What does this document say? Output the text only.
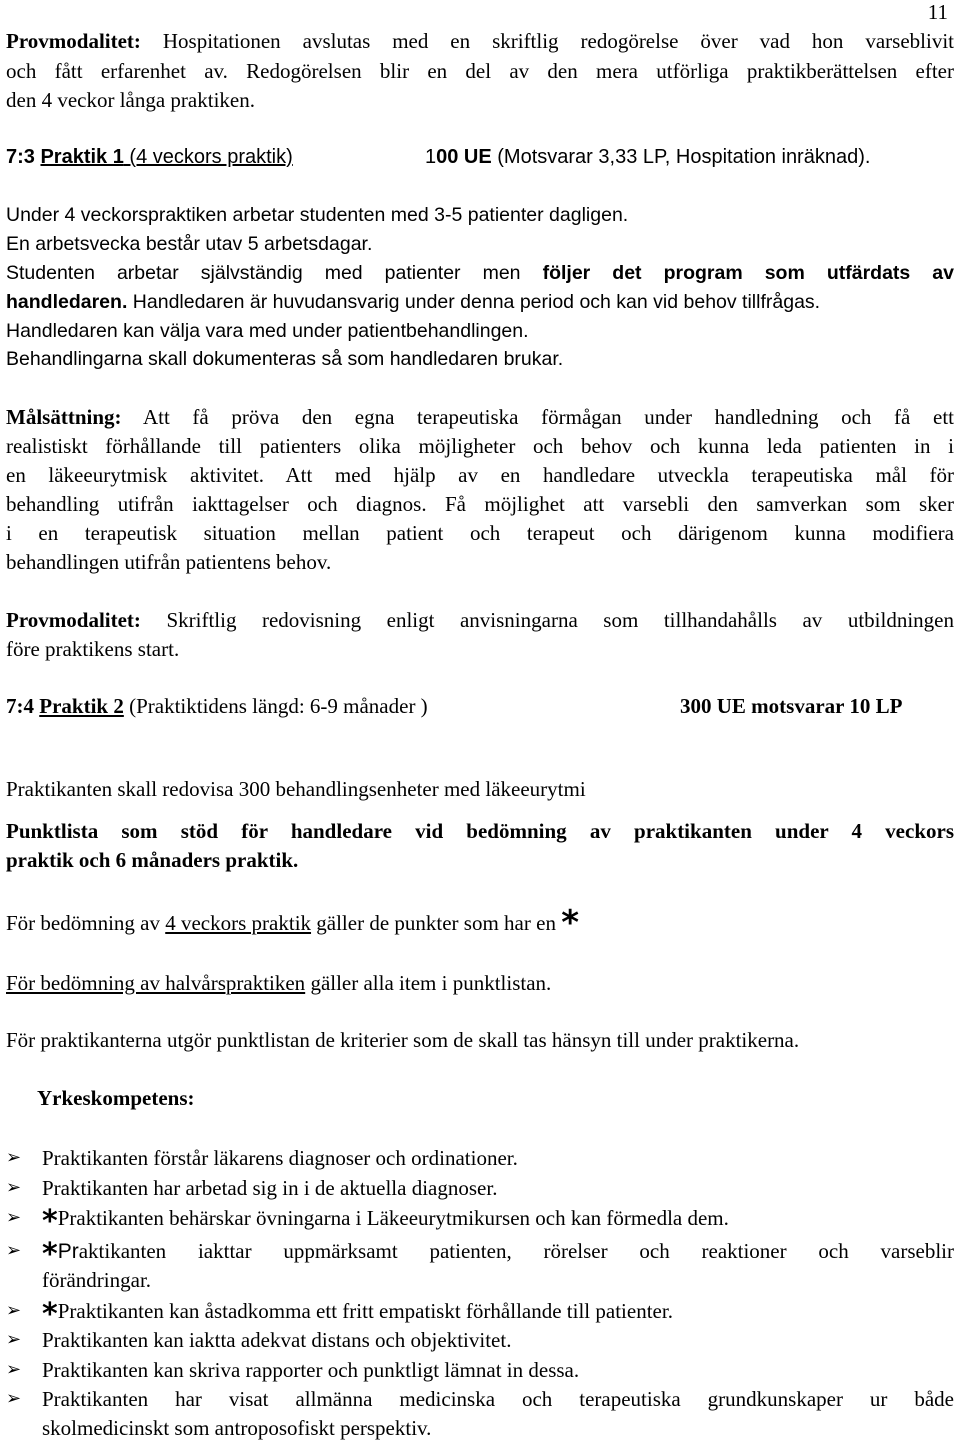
11
Provmodalitet: Hospitationen avslutas med en skriftlig redogörelse över vad hon varseblivit
och fått erfarenhet av. Redogörelsen blir en del av den mera utförliga praktikberättelsen efter
den 4 veckor långa praktiken.
7:3 Praktik 1 (4 veckors praktik)	100 UE (Motsvarar 3,33 LP, Hospitation inräknad).
Under 4 veckorspraktiken arbetar studenten med 3-5 patienter dagligen.
En arbetsvecka består utav 5 arbetsdagar.
Studenten arbetar självständig med patienter men följer det program som utfärdats av
handledaren. Handledaren är huvudansvarig under denna period och kan vid behov tillfrågas.
Handledaren kan välja vara med under patientbehandlingen.
Behandlingarna skall dokumenteras så som handledaren brukar.
Målsättning: Att få pröva den egna terapeutiska förmågan under handledning och få ett
realistiskt förhållande till patienters olika möjligheter och behov och kunna leda patienten in i
en läkeeurytmisk aktivitet. Att med hjälp av en handledare utveckla terapeutiska mål för
behandling utifrån iakttagelser och diagnos. Få möjlighet att varsebli den samverkan som sker
i en terapeutisk situation mellan patient och terapeut och därigenom kunna modifiera
behandlingen utifrån patientens behov.
Provmodalitet: Skriftlig redovisning enligt anvisningarna som tillhandahålls av utbildningen
före praktikens start.
7:4 Praktik 2 (Praktiktidens längd: 6-9 månader )	300 UE motsvarar 10 LP
Praktikanten skall redovisa 300 behandlingsenheter med läkeeurytmi
Punktlista som stöd för handledare vid bedömning av praktikanten under 4 veckors
praktik och 6 månaders praktik.
För bedömning av 4 veckors praktik gäller de punkter som har en *
För bedömning av halvårspraktiken gäller alla item i punktlistan.
För praktikanterna utgör punktlistan de kriterier som de skall tas hänsyn till under praktikerna.
Yrkeskompetens:
➢ Praktikanten förstår läkarens diagnoser och ordinationer.
➢ Praktikanten har arbetad sig in i de aktuella diagnoser.
➢ *Praktikanten behärskar övningarna i Läkeeurytmikursen och kan förmedla dem.
➢ *Praktikanten iakttar uppmärksamt patienten, rörelser och reaktioner och varseblir
förändringar.
➢ *Praktikanten kan åstadkomma ett fritt empatiskt förhållande till patienter.
➢ Praktikanten kan iaktta adekvat distans och objektivitet.
➢ Praktikanten kan skriva rapporter och punktligt lämnat in dessa.
➢ Praktikanten har visat allmänna medicinska och terapeutiska grundkunskaper ur både
skolmedicinskt som antroposofiskt perspektiv.
